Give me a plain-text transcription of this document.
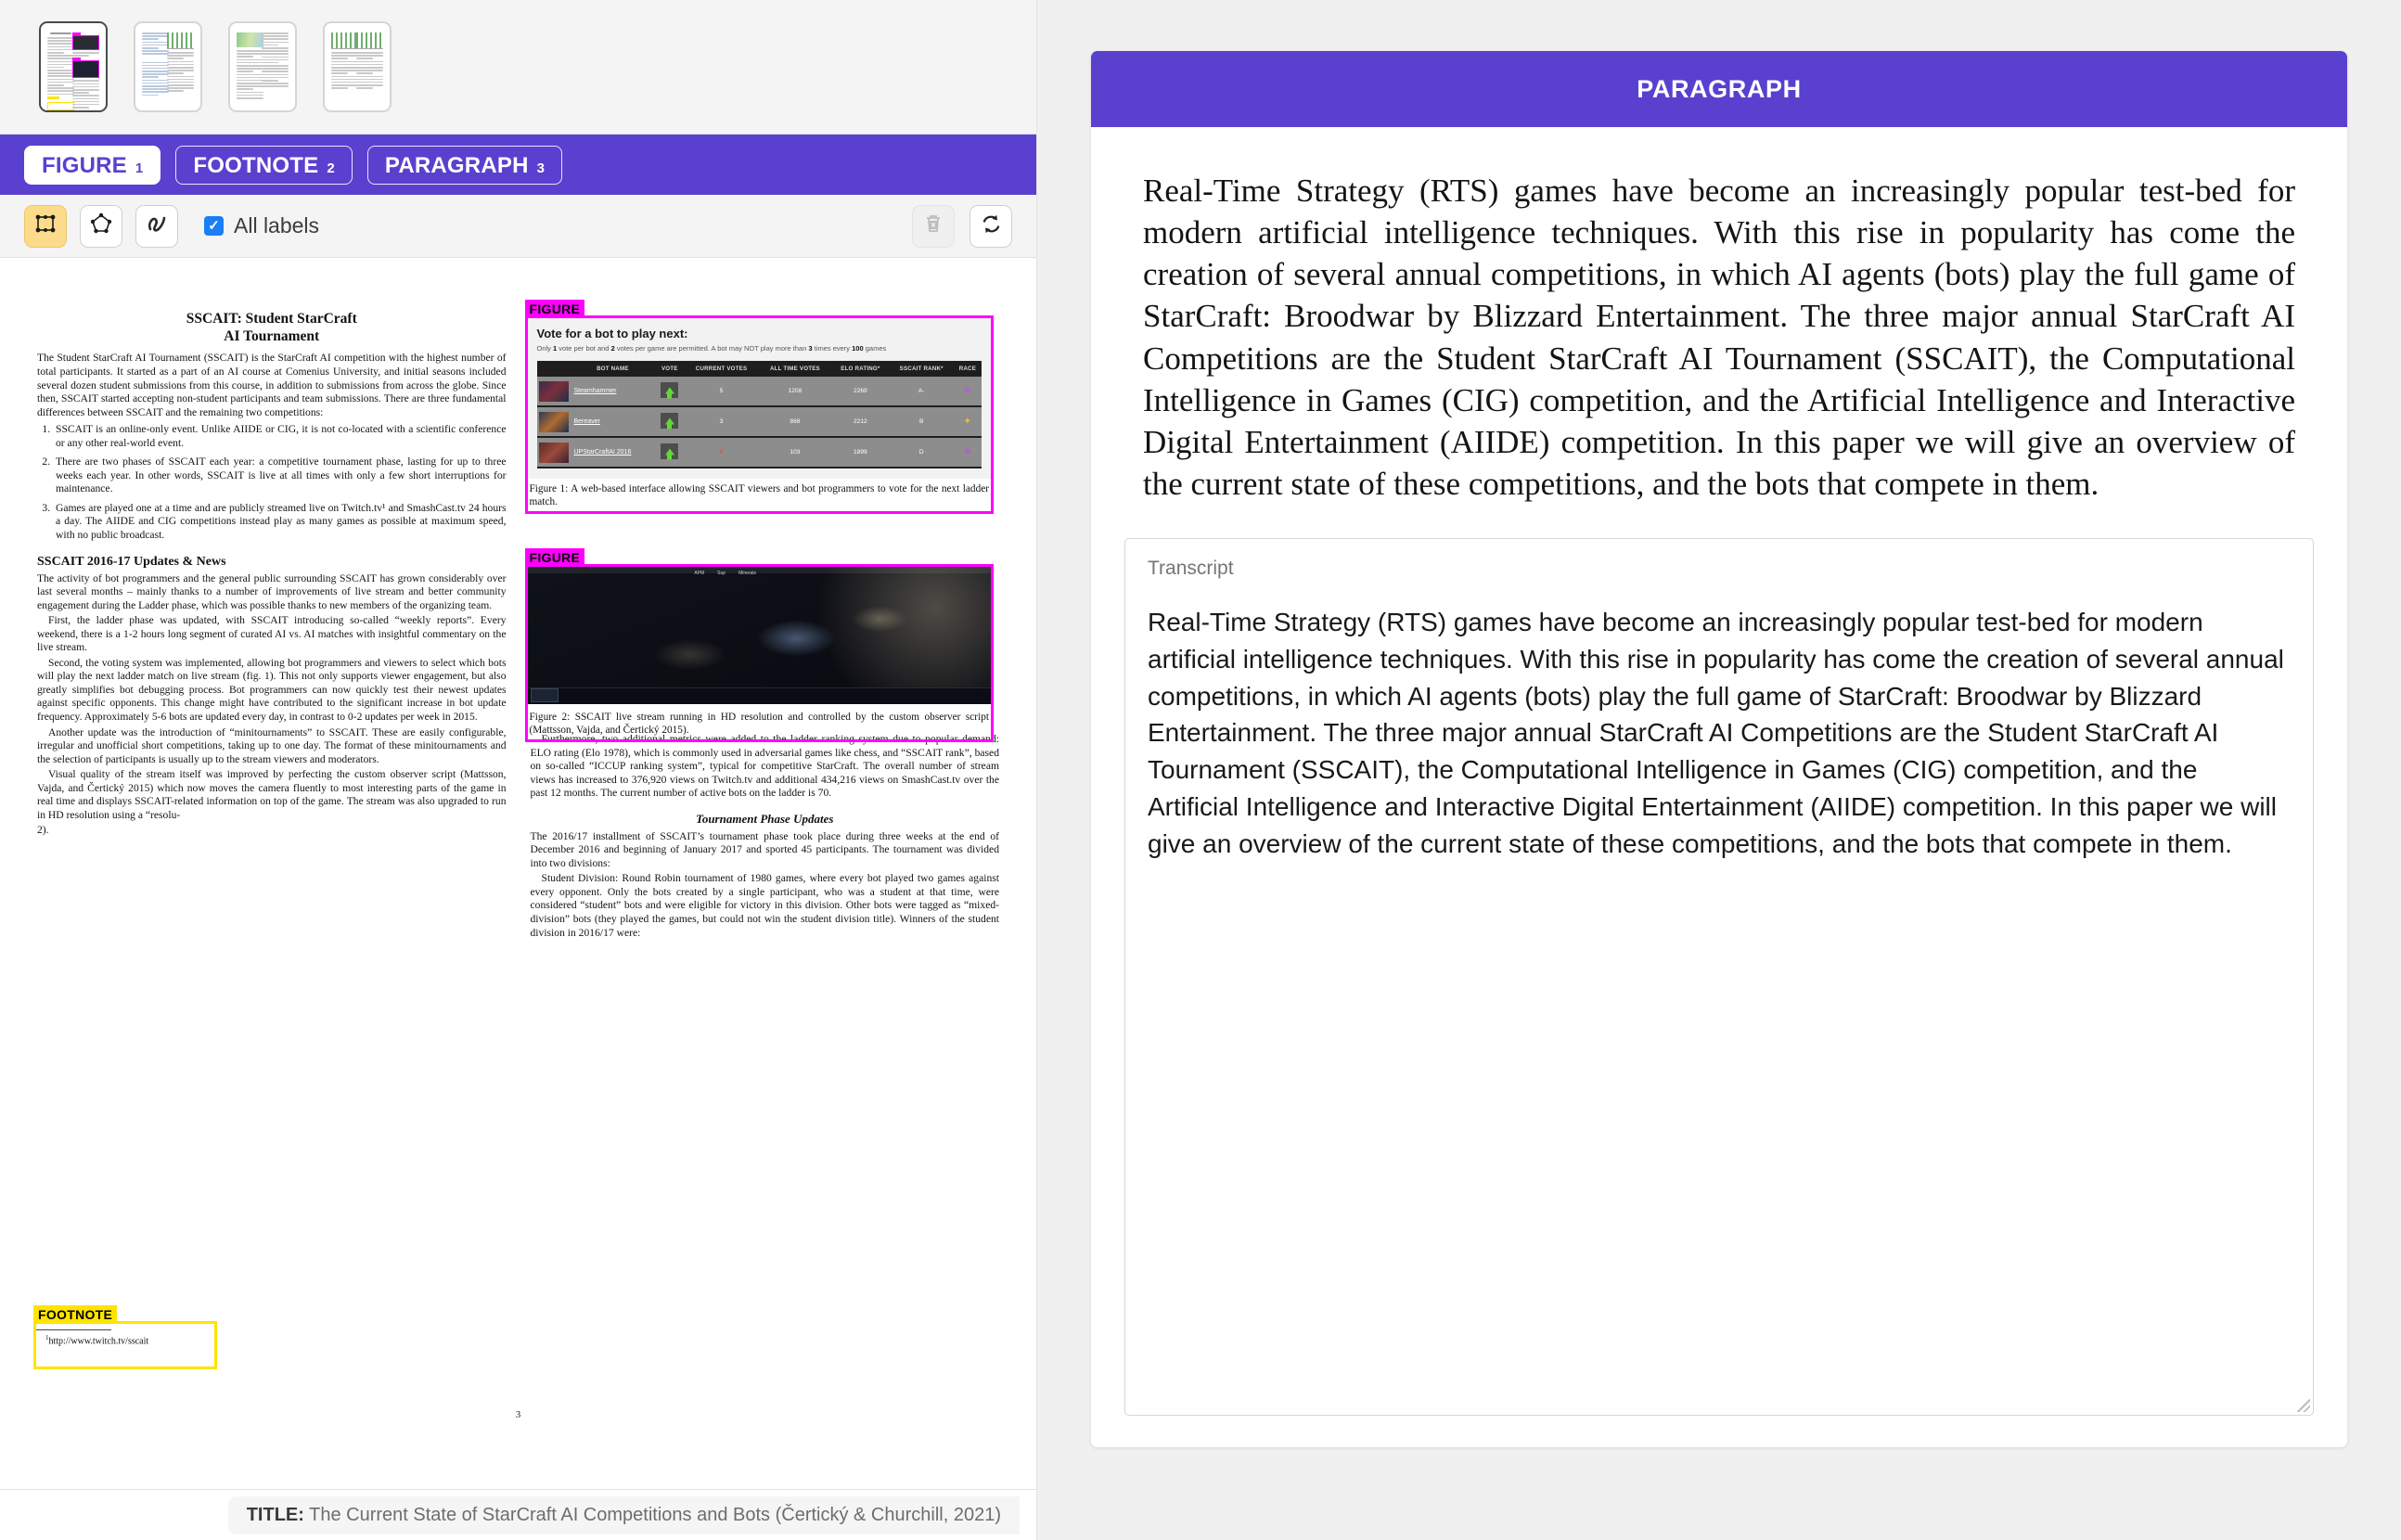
FIGURE 1 FOOTNOTE 2 PARAGRAPH 3
✓ All labels
SSCAIT: Student StarCraft
AI Tournament

The Student StarCraft AI Tournament (SSCAIT) is the StarCraft AI competition with the highest number of total participants. It started as a part of an AI course at Comenius University, and initial seasons included several dozen student submissions from this course, in addition to submissions from across the globe. Since then, SSCAIT started accepting non-student participants and team submissions. There are three fundamental differences between SSCAIT and the remaining two competitions:

1. SSCAIT is an online-only event. Unlike AIIDE or CIG, it is not co-located with a scientific conference or any other real-world event.
2. There are two phases of SSCAIT each year: a competitive tournament phase, lasting for up to three weeks each year. In other words, SSCAIT is live at all times with only a few short interruptions for maintenance.
3. Games are played one at a time and are publicly streamed live on Twitch.tv¹ and SmashCast.tv 24 hours a day. The AIIDE and CIG competitions instead play as many games as possible at maximum speed, with no public broadcast.
SSCAIT 2016-17 Updates & News

The activity of bot programmers and the general public surrounding SSCAIT has grown considerably over last several months – mainly thanks to a number of improvements of live stream and better community engagement during the Ladder phase, which was possible thanks to new members of the organizing team.

First, the ladder phase was updated, with SSCAIT introducing so-called “weekly reports”. Every weekend, there is a 1-2 hours long segment of curated AI vs. AI matches with insightful commentary on the live stream.

Second, the voting system was implemented, allowing bot programmers and viewers to select which bots will play the next ladder match on live stream (fig. 1). This not only supports viewer engagement, but also greatly simplifies bot debugging process. Bot programmers can now quickly test their newest updates against specific opponents. This change might have contributed to the significant increase in bot update frequency. Approximately 5-6 bots are updated every day, in contrast to 0-2 updates per week in 2015.

Another update was the introduction of “minitournaments” to SSCAIT. These are easily configurable, irregular and unofficial short competitions, taking up to one day. The format of these minitournaments and the selection of participants is usually up to the stream viewers and moderators.

Visual quality of the stream itself was improved by perfecting the custom observer script (Mattsson, Vajda, and Čertický 2015) which now moves the camera fluently to most interesting parts of the game in real time and displays SSCAIT-related information on top of the game. The stream was also upgraded to run in HD resolution using a “resolu-

2).

FOOTNOTE
$^1$http://www.twitch.tv/sscait
FIGURE
Vote for a bot to play next:
Only 1 vote per bot and 2 votes per game are permitted. A bot may NOT play more than 3 times every 100 games
	BOT NAME	VOTE	CURRENT VOTES	ALL TIME VOTES	ELO RATING*	SSCAIT RANK*	RACE

	Steamhammer		5	1208	2269	A-	☸

	Bereaver		3	868	2212	B	✦

	UPStarCraftAI 2016		0	103	1899	D	☸
Figure 1: A web-based interface allowing SSCAIT viewers and bot programmers to vote for the next ladder match.
FIGURE
APM	Sup	Minerals
Figure 2: SSCAIT live stream running in HD resolution and controlled by the custom observer script (Mattsson, Vajda, and Čertický 2015).

Furthermore, two additional metrics were added to the ladder ranking system due to popular demand: ELO rating (Elo 1978), which is commonly used in adversarial games like chess, and “SSCAIT rank”, based on so-called “ICCUP ranking system”, typical for competitive StarCraft. The overall number of stream views has increased to 376,920 views on Twitch.tv and additional 434,216 views on SmashCast.tv over the past 12 months. The current number of active bots on the ladder is 70.

Tournament Phase Updates

The 2016/17 installment of SSCAIT’s tournament phase took place during three weeks at the end of December 2016 and beginning of January 2017 and sported 45 participants. The tournament was divided into two divisions:

Student Division: Round Robin tournament of 1980 games, where every bot played two games against every opponent. Only the bots created by a single participant, who was a student at that time, were considered “student” bots and were eligible for victory in this division. Other bots were tagged as “mixed-division” bots (they played the games, but could not win the student division title). Winners of the student division in 2016/17 were:

3
TITLE: The Current State of StarCraft AI Competitions and Bots (Čertický & Churchill, 2021)
PARAGRAPH

Real-Time Strategy (RTS) games have become an increasingly popular test-bed for modern artificial intelligence techniques. With this rise in popularity has come the creation of several annual competitions, in which AI agents (bots) play the full game of StarCraft: Broodwar by Blizzard Entertainment. The three major annual StarCraft AI Competitions are the Student StarCraft AI Tournament (SSCAIT), the Computational Intelligence in Games (CIG) competition, and the Artificial Intelligence and Interactive Digital Entertainment (AIIDE) competition. In this paper we will give an overview of the current state of these competitions, and the bots that compete in them.

Transcript
Real-Time Strategy (RTS) games have become an increasingly popular test-bed for modern artificial intelligence techniques. With this rise in popularity has come the creation of several annual competitions, in which AI agents (bots) play the full game of StarCraft: Broodwar by Blizzard Entertainment. The three major annual StarCraft AI Competitions are the Student StarCraft AI Tournament (SSCAIT), the Computational Intelligence in Games (CIG) competition, and the Artificial Intelligence and Interactive Digital Entertainment (AIIDE) competition. In this paper we will give an overview of the current state of these competitions, and the bots that compete in them.
